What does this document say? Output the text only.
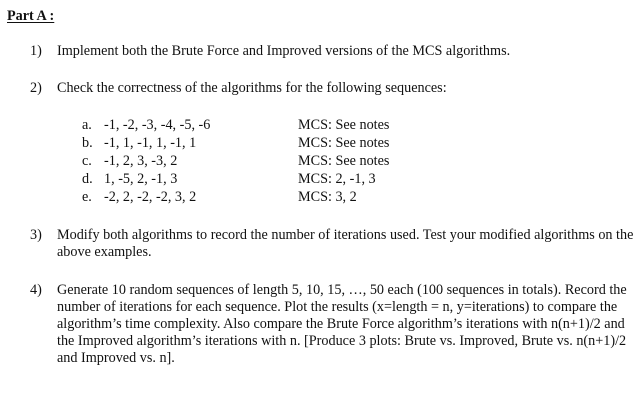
Part A :
1) Implement both the Brute Force and Improved versions of the MCS algorithms.
2) Check the correctness of the algorithms for the following sequences:
a. -1, -2, -3, -4, -5, -6	MCS: See notes
b. -1, 1, -1, 1, -1, 1	MCS: See notes
c. -1, 2, 3, -3, 2	MCS: See notes
d. 1, -5, 2, -1, 3	MCS: 2, -1, 3
e. -2, 2, -2, -2, 3, 2	MCS: 3, 2
3) Modify both algorithms to record the number of iterations used. Test your modified algorithms on the above examples.
4) Generate 10 random sequences of length 5, 10, 15, …, 50 each (100 sequences in totals). Record the number of iterations for each sequence. Plot the results (x=length = n, y=iterations) to compare the algorithm’s time complexity. Also compare the Brute Force algorithm’s iterations with n(n+1)/2 and the Improved algorithm’s iterations with n. [Produce 3 plots: Brute vs. Improved, Brute vs. n(n+1)/2 and Improved vs. n].
